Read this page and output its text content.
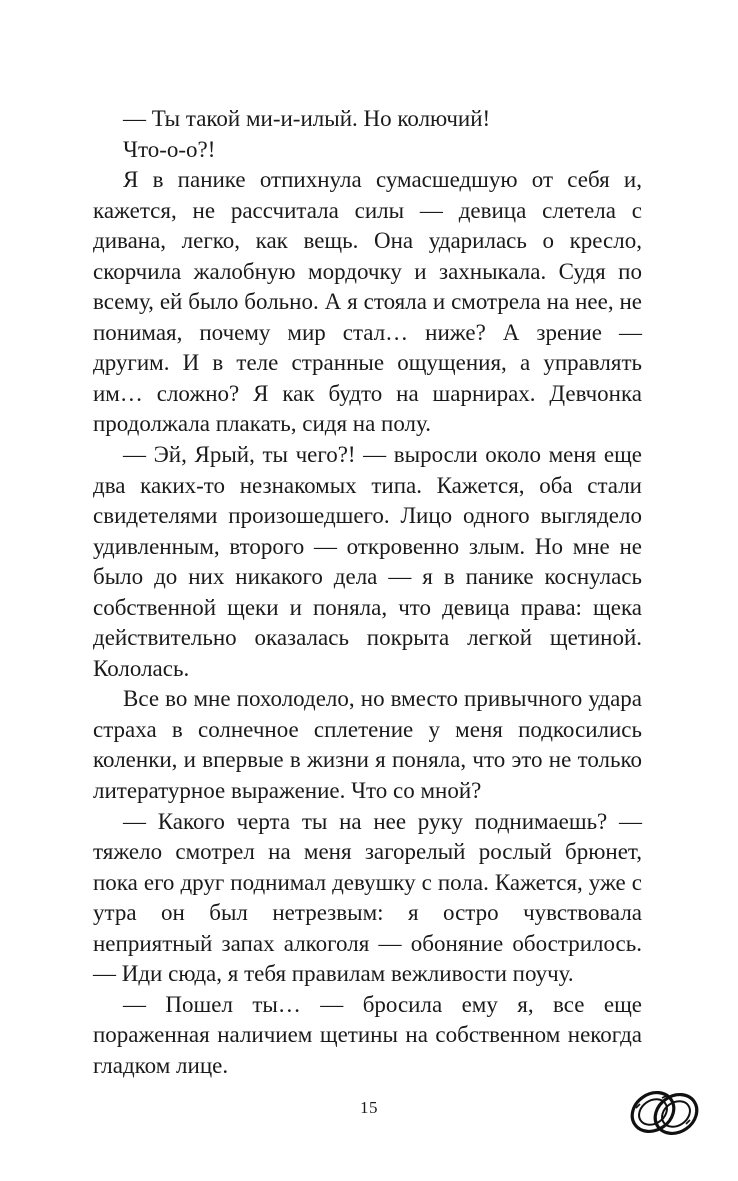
— Ты такой ми-и-илый. Но колючий!

Что-о-о?!

Я в панике отпихнула сумасшедшую от себя и, кажется, не рассчитала силы — девица слетела с дивана, легко, как вещь. Она ударилась о кресло, скорчила жалобную мордочку и захныкала. Судя по всему, ей было больно. А я стояла и смотрела на нее, не понимая, почему мир стал… ниже? А зрение — другим. И в теле странные ощущения, а управлять им… сложно? Я как будто на шарнирах. Девчонка продолжала плакать, сидя на полу.

— Эй, Ярый, ты чего?! — выросли около меня еще два каких-то незнакомых типа. Кажется, оба стали свидетелями произошедшего. Лицо одного выглядело удивленным, второго — откровенно злым. Но мне не было до них никакого дела — я в панике коснулась собственной щеки и поняла, что девица права: щека действительно оказалась покрыта легкой щетиной. Кололась.

Все во мне похолодело, но вместо привычного удара страха в солнечное сплетение у меня подкосились коленки, и впервые в жизни я поняла, что это не только литературное выражение. Что со мной?

— Какого черта ты на нее руку поднимаешь? — тяжело смотрел на меня загорелый рослый брюнет, пока его друг поднимал девушку с пола. Кажется, уже с утра он был нетрезвым: я остро чувствовала неприятный запах алкоголя — обоняние обострилось. — Иди сюда, я тебя правилам вежливости поучу.

— Пошел ты… — бросила ему я, все еще пораженная наличием щетины на собственном некогда гладком лице.

15
